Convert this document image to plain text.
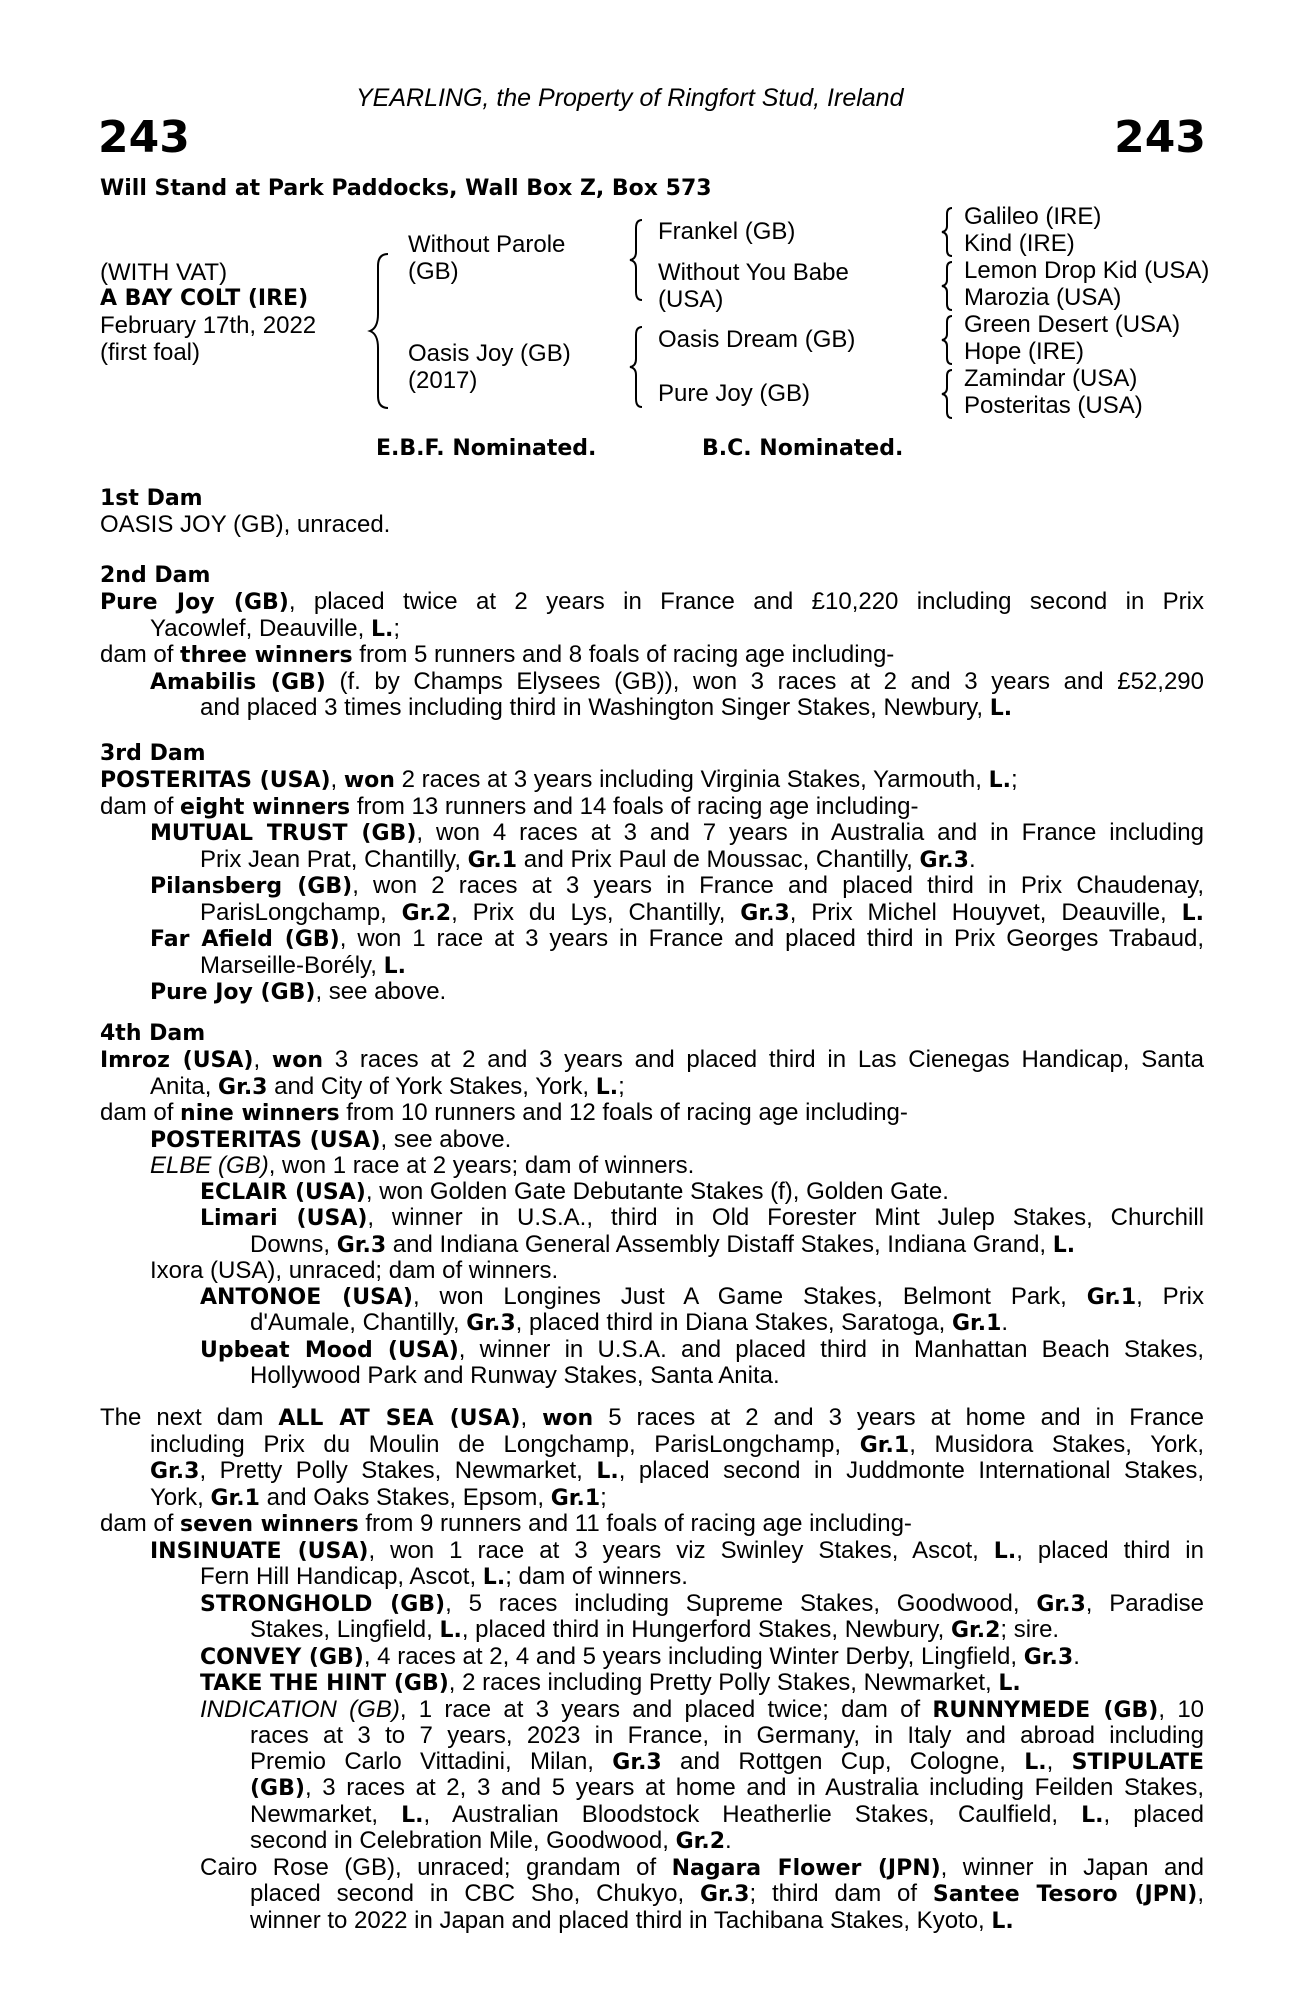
YEARLING, the Property of Ringfort Stud, Ireland
243	243
Will Stand at Park Paddocks, Wall Box Z, Box 573
(WITH VAT)
A BAY COLT (IRE)
February 17th, 2022
(first foal)
Without Parole
(GB)
Oasis Joy (GB)
(2017)
Frankel (GB)
Without You Babe
(USA)
Oasis Dream (GB)
Pure Joy (GB)
Galileo (IRE)
Kind (IRE)
Lemon Drop Kid (USA)
Marozia (USA)
Green Desert (USA)
Hope (IRE)
Zamindar (USA)
Posteritas (USA)
E.B.F. Nominated.	B.C. Nominated.
1st Dam
OASIS JOY (GB), unraced.
2nd Dam
Pure Joy (GB), placed twice at 2 years in France and £10,220 including second in Prix
Yacowlef, Deauville, L.;
dam of three winners from 5 runners and 8 foals of racing age including-
Amabilis (GB) (f. by Champs Elysees (GB)), won 3 races at 2 and 3 years and £52,290
and placed 3 times including third in Washington Singer Stakes, Newbury, L.
3rd Dam
POSTERITAS (USA), won 2 races at 3 years including Virginia Stakes, Yarmouth, L.;
dam of eight winners from 13 runners and 14 foals of racing age including-
MUTUAL TRUST (GB), won 4 races at 3 and 7 years in Australia and in France including
Prix Jean Prat, Chantilly, Gr.1 and Prix Paul de Moussac, Chantilly, Gr.3.
Pilansberg (GB), won 2 races at 3 years in France and placed third in Prix Chaudenay,
ParisLongchamp, Gr.2, Prix du Lys, Chantilly, Gr.3, Prix Michel Houyvet, Deauville, L.
Far Afield (GB), won 1 race at 3 years in France and placed third in Prix Georges Trabaud,
Marseille-Borély, L.
Pure Joy (GB), see above.
4th Dam
Imroz (USA), won 3 races at 2 and 3 years and placed third in Las Cienegas Handicap, Santa
Anita, Gr.3 and City of York Stakes, York, L.;
dam of nine winners from 10 runners and 12 foals of racing age including-
POSTERITAS (USA), see above.
ELBE (GB), won 1 race at 2 years; dam of winners.
ECLAIR (USA), won Golden Gate Debutante Stakes (f), Golden Gate.
Limari (USA), winner in U.S.A., third in Old Forester Mint Julep Stakes, Churchill
Downs, Gr.3 and Indiana General Assembly Distaff Stakes, Indiana Grand, L.
Ixora (USA), unraced; dam of winners.
ANTONOE (USA), won Longines Just A Game Stakes, Belmont Park, Gr.1, Prix
d'Aumale, Chantilly, Gr.3, placed third in Diana Stakes, Saratoga, Gr.1.
Upbeat Mood (USA), winner in U.S.A. and placed third in Manhattan Beach Stakes,
Hollywood Park and Runway Stakes, Santa Anita.
The next dam ALL AT SEA (USA), won 5 races at 2 and 3 years at home and in France
including Prix du Moulin de Longchamp, ParisLongchamp, Gr.1, Musidora Stakes, York,
Gr.3, Pretty Polly Stakes, Newmarket, L., placed second in Juddmonte International Stakes,
York, Gr.1 and Oaks Stakes, Epsom, Gr.1;
dam of seven winners from 9 runners and 11 foals of racing age including-
INSINUATE (USA), won 1 race at 3 years viz Swinley Stakes, Ascot, L., placed third in
Fern Hill Handicap, Ascot, L.; dam of winners.
STRONGHOLD (GB), 5 races including Supreme Stakes, Goodwood, Gr.3, Paradise
Stakes, Lingfield, L., placed third in Hungerford Stakes, Newbury, Gr.2; sire.
CONVEY (GB), 4 races at 2, 4 and 5 years including Winter Derby, Lingfield, Gr.3.
TAKE THE HINT (GB), 2 races including Pretty Polly Stakes, Newmarket, L.
INDICATION (GB), 1 race at 3 years and placed twice; dam of RUNNYMEDE (GB), 10
races at 3 to 7 years, 2023 in France, in Germany, in Italy and abroad including
Premio Carlo Vittadini, Milan, Gr.3 and Rottgen Cup, Cologne, L., STIPULATE
(GB), 3 races at 2, 3 and 5 years at home and in Australia including Feilden Stakes,
Newmarket, L., Australian Bloodstock Heatherlie Stakes, Caulfield, L., placed
second in Celebration Mile, Goodwood, Gr.2.
Cairo Rose (GB), unraced; grandam of Nagara Flower (JPN), winner in Japan and
placed second in CBC Sho, Chukyo, Gr.3; third dam of Santee Tesoro (JPN),
winner to 2022 in Japan and placed third in Tachibana Stakes, Kyoto, L.
